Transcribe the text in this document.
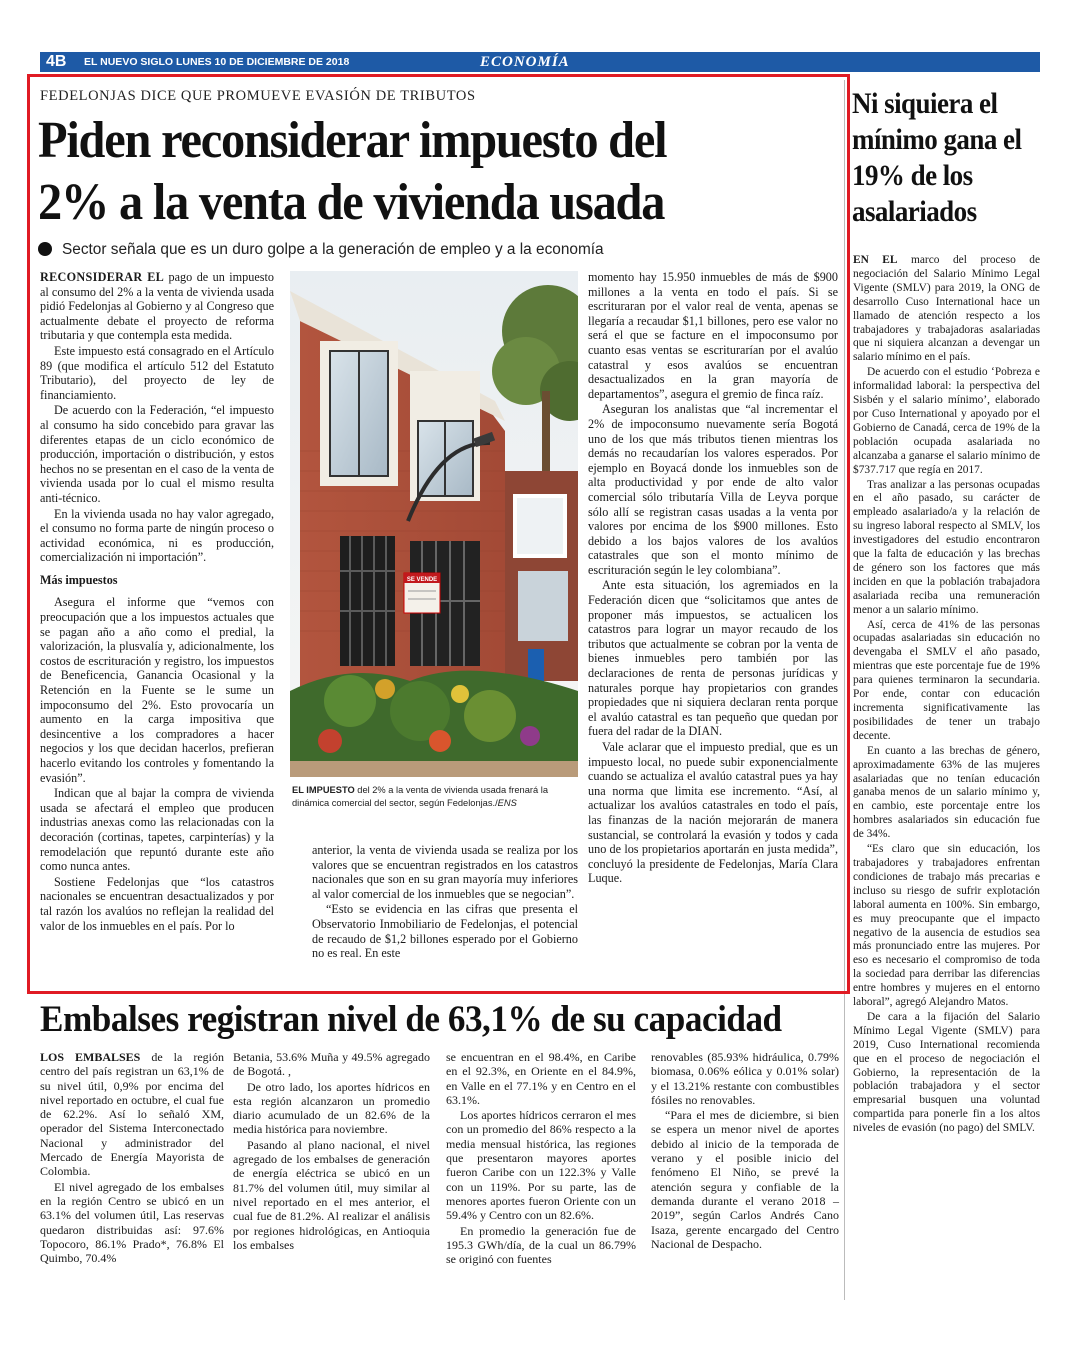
4B EL NUEVO SIGLO LUNES 10 DE DICIEMBRE DE 2018	ECONOMÍA
FEDELONJAS DICE QUE PROMUEVE EVASIÓN DE TRIBUTOS
Piden reconsiderar impuesto del
2% a la venta de vivienda usada
Sector señala que es un duro golpe a la generación de empleo y a la economía

RECONSIDERAR EL pago de un impuesto al consumo del 2% a la venta de vivienda usada pidió Fedelonjas al Gobierno y al Congreso que actualmente debate el proyecto de reforma tributaria y que contempla esta medida.

Este impuesto está consagrado en el Artículo 89 (que modifica el artículo 512 del Estatuto Tributario), del proyecto de ley de financiamiento.

De acuerdo con la Federación, “el impuesto al consumo ha sido concebido para gravar las diferentes etapas de un ciclo económico de producción, importación o distribución, y estos hechos no se presentan en el caso de la venta de vivienda usada por lo cual el mismo resulta anti-técnico.

En la vivienda usada no hay valor agregado, el consumo no forma parte de ningún proceso o actividad económica, ni es producción, comercialización ni importación”.

Más impuestos

Asegura el informe que “vemos con preocupación que a los impuestos actuales que se pagan año a año como el predial, la valorización, la plusvalía y, adicionalmente, los costos de escrituración y registro, los impuestos de Beneficencia, Ganancia Ocasional y la Retención en la Fuente se le sume un impoconsumo del 2%. Esto provocaría un aumento en la carga impositiva que desincentive a los compradores a hacer negocios y los que decidan hacerlos, prefieran hacerlo evitando los controles y fomentando la evasión”.

Indican que al bajar la compra de vivienda usada se afectará el empleo que producen industrias anexas como las relacionadas con la decoración (cortinas, tapetes, carpinterías) y la remodelación que repuntó durante este año como nunca antes.

Sostiene Fedelonjas que “los catastros nacionales se encuentran desactualizados y por tal razón los avalúos no reflejan la realidad del valor de los inmuebles en el país. Por lo

SE VENDE
EL IMPUESTO del 2% a la venta de vivienda usada frenará la dinámica comercial del sector, según Fedelonjas./ENS

anterior, la venta de vivienda usada se realiza por los valores que se encuentran registrados en los catastros nacionales que son en su gran mayoría muy inferiores al valor comercial de los inmuebles que se negocian”.

“Esto se evidencia en las cifras que presenta el Observatorio Inmobiliario de Fedelonjas, el potencial de recaudo de $1,2 billones esperado por el Gobierno no es real. En este

momento hay 15.950 inmuebles de más de $900 millones a la venta en todo el país. Si se escrituraran por el valor real de venta, apenas se llegaría a recaudar $1,1 billones, pero ese valor no será el que se facture en el impoconsumo por cuanto esas ventas se escriturarían por el avalúo catastral y esos avalúos se encuentran desactualizados en la gran mayoría de departamentos”, asegura el gremio de finca raíz.

Aseguran los analistas que “al incrementar el 2% de impoconsumo nuevamente sería Bogotá uno de los que más tributos tienen mientras los demás no recaudarían los valores esperados. Por ejemplo en Boyacá donde los inmuebles son de alta productividad y por ende de alto valor comercial sólo tributaría Villa de Leyva porque sólo allí se registran casas usadas a la venta por valores por encima de los $900 millones. Esto debido a los bajos valores de los avalúos catastrales que son el monto mínimo de escrituración según le ley colombiana”.

Ante esta situación, los agremiados en la Federación dicen que “solicitamos que antes de proponer más impuestos, se actualicen los catastros para lograr un mayor recaudo de los tributos que actualmente se cobran por la venta de bienes inmuebles pero también por las declaraciones de renta de personas jurídicas y naturales porque hay propietarios con grandes propiedades que ni siquiera declaran renta porque el avalúo catastral es tan pequeño que quedan por fuera del radar de la DIAN.

Vale aclarar que el impuesto predial, que es un impuesto local, no puede subir exponencialmente cuando se actualiza el avalúo catastral pues ya hay una norma que limita ese incremento. “Así, al actualizar los avalúos catastrales en todo el país, las finanzas de la nación mejorarán de manera sustancial, se controlará la evasión y todos y cada uno de los propietarios aportarán en justa medida”, concluyó la presidente de Fedelonjas, María Clara Luque.

Ni siquiera el mínimo gana el 19% de los asalariados

EN EL marco del proceso de negociación del Salario Mínimo Legal Vigente (SMLV) para 2019, la ONG de desarrollo Cuso International hace un llamado de atención respecto a los trabajadores y trabajadoras asalariadas que ni siquiera alcanzan a devengar un salario mínimo en el país.

De acuerdo con el estudio ‘Pobreza e informalidad laboral: la perspectiva del Sisbén y el salario mínimo’, elaborado por Cuso International y apoyado por el Gobierno de Canadá, cerca de 19% de la población ocupada asalariada no alcanzaba a ganarse el salario mínimo de $737.717 que regía en 2017.

Tras analizar a las personas ocupadas en el año pasado, su carácter de empleado asalariado/a y la relación de su ingreso laboral respecto al SMLV, los investigadores del estudio encontraron que la falta de educación y las brechas de género son los factores que más inciden en que la población trabajadora asalariada reciba una remuneración menor a un salario mínimo.

Así, cerca de 41% de las personas ocupadas asalariadas sin educación no devengaba el SMLV el año pasado, mientras que este porcentaje fue de 19% para quienes terminaron la secundaria. Por ende, contar con educación incrementa significativamente las posibilidades de tener un trabajo decente.

En cuanto a las brechas de género, aproximadamente 63% de las mujeres asalariadas que no tenían educación ganaba menos de un salario mínimo y, en cambio, este porcentaje entre los hombres asalariados sin educación fue de 34%.

“Es claro que sin educación, los trabajadores y trabajadores enfrentan condiciones de trabajo más precarias e incluso su riesgo de sufrir explotación laboral aumenta en 100%. Sin embargo, es muy preocupante que el impacto negativo de la ausencia de estudios sea más pronunciado entre las mujeres. Por eso es necesario el compromiso de toda la sociedad para derribar las diferencias entre hombres y mujeres en el entorno laboral”, agregó Alejandro Matos.

De cara a la fijación del Salario Mínimo Legal Vigente (SMLV) para 2019, Cuso International recomienda que en el proceso de negociación el Gobierno, la representación de la población trabajadora y el sector empresarial busquen una voluntad compartida para ponerle fin a los altos niveles de evasión (no pago) del SMLV.

Embalses registran nivel de 63,1% de su capacidad

LOS EMBALSES de la región centro del país registran un 63,1% de su nivel útil, 0,9% por encima del nivel reportado en octubre, el cual fue de 62.2%. Así lo señaló XM, operador del Sistema Interconectado Nacional y administrador del Mercado de Energía Mayorista de Colombia.

El nivel agregado de los embalses en la región Centro se ubicó en un 63.1% del volumen útil, Las reservas quedaron distribuidas así: 97.6% Topocoro, 86.1% Prado*, 76.8% El Quimbo, 70.4%

Betania, 53.6% Muña y 49.5% agregado de Bogotá. ,

De otro lado, los aportes hídricos en esta región alcanzaron un promedio diario acumulado de un 82.6% de la media histórica para noviembre.

Pasando al plano nacional, el nivel agregado de los embalses de generación de energía eléctrica se ubicó en un 81.7% del volumen útil, muy similar al nivel reportado en el mes anterior, el cual fue de 81.2%. Al realizar el análisis por regiones hidrológicas, en Antioquia los embalses

se encuentran en el 98.4%, en Caribe en el 92.3%, en Oriente en el 84.9%, en Valle en el 77.1% y en Centro en el 63.1%.

Los aportes hídricos cerraron el mes con un promedio del 86% respecto a la media mensual histórica, las regiones que presentaron mayores aportes fueron Caribe con un 122.3% y Valle con un 119%. Por su parte, las de menores aportes fueron Oriente con un 59.4% y Centro con un 82.6%.

En promedio la generación fue de 195.3 GWh/día, de la cual un 86.79% se originó con fuentes

renovables (85.93% hidráulica, 0.79% biomasa, 0.06% eólica y 0.01% solar) y el 13.21% restante con combustibles fósiles no renovables.

“Para el mes de diciembre, si bien se espera un menor nivel de aportes debido al inicio de la temporada de verano y el posible inicio del fenómeno El Niño, se prevé la atención segura y confiable de la demanda durante el verano 2018 – 2019”, según Carlos Andrés Cano Isaza, gerente encargado del Centro Nacional de Despacho.
